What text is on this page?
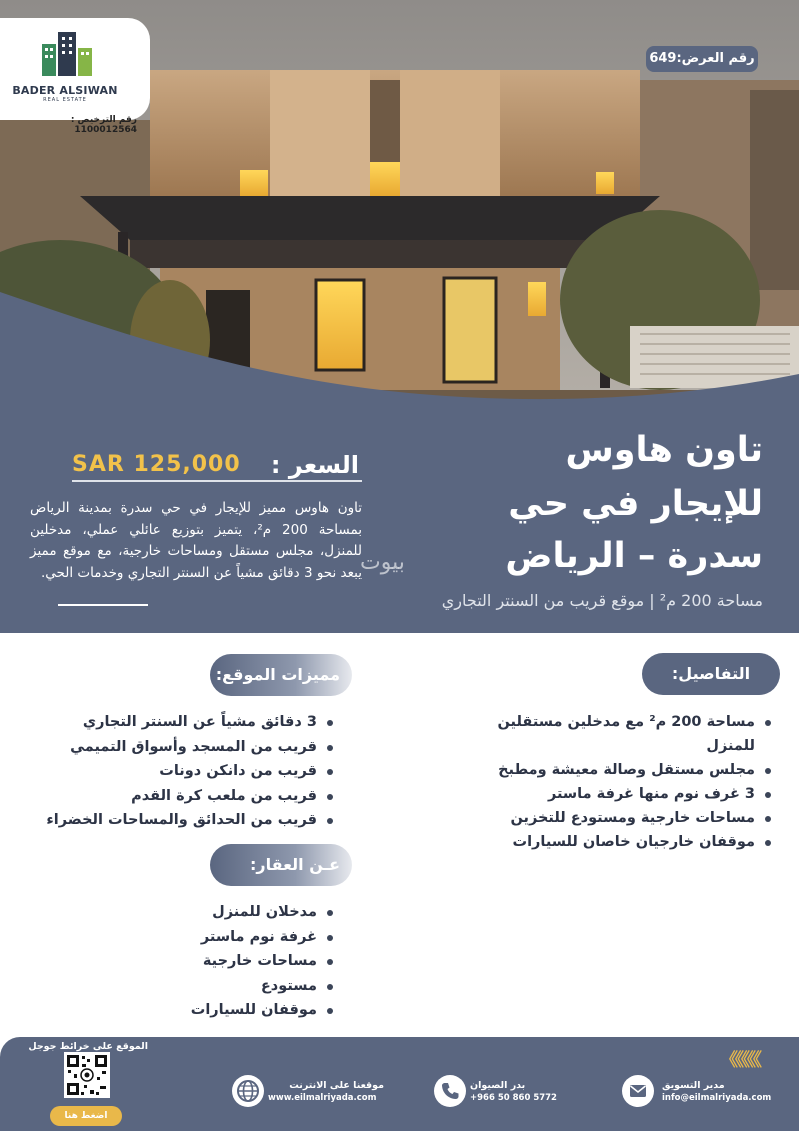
BADER ALSIWAN
REAL ESTATE
رقم الترخيص : 1100012564
رقم العرض:649
تاون هاوس
للإيجار في حي
سدرة – الرياض
مساحة 200 م² | موقع قريب من السنتر التجاري
السعر :
SAR 125,000
تاون هاوس مميز للإيجار في حي سدرة بمدينة الرياض بمساحة 200 م²، يتميز بتوزيع عائلي عملي، مدخلين للمنزل، مجلس مستقل ومساحات خارجية، مع موقع مميز يبعد نحو 3 دقائق مشياً عن السنتر التجاري وخدمات الحي.
بيوت
التفاصيل:
مساحة 200 م² مع مدخلين مستقلين للمنزل
مجلس مستقل وصالة معيشة ومطبخ
3 غرف نوم منها غرفة ماستر
مساحات خارجية ومستودع للتخزين
موقفان خارجيان خاصان للسيارات
مميزات الموقع:
3 دقائق مشياً عن السنتر التجاري
قريب من المسجد وأسواق التميمي
قريب من دانكن دونات
قريب من ملعب كرة القدم
قريب من الحدائق والمساحات الخضراء
عـن العقار:
مدخلان للمنزل
غرفة نوم ماستر
مساحات خارجية
مستودع
موقفان للسيارات
الموقع على خرائط جوجل
اضغط هنا
موقعنا على الانترنت
www.eilmalriyada.com
بدر الصيوان
+966 50 860 5772
مدير التسويق
info@eilmalriyada.com
《《《《《
